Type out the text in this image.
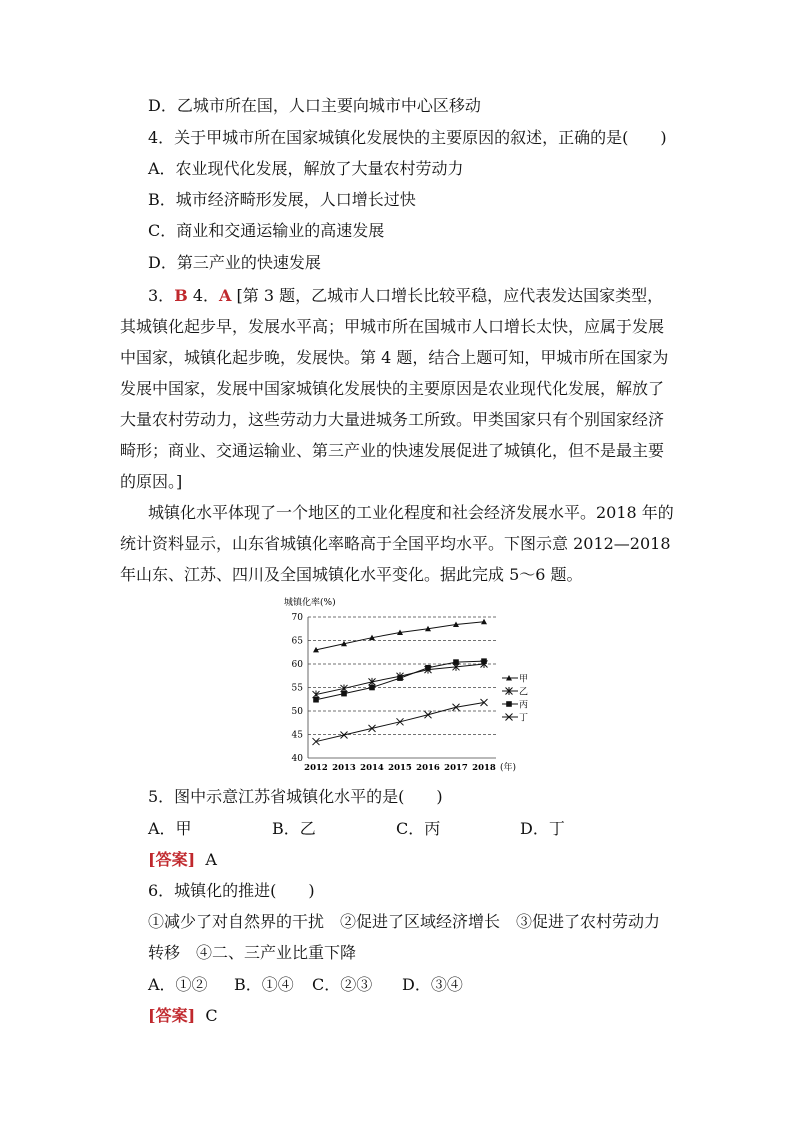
D．乙城市所在国，人口主要向城市中心区移动
4．关于甲城市所在国家城镇化发展快的主要原因的叙述，正确的是(　　)
A．农业现代化发展，解放了大量农村劳动力
B．城市经济畸形发展，人口增长过快
C．商业和交通运输业的高速发展
D．第三产业的快速发展
3．B 4．A [第 3 题，乙城市人口增长比较平稳，应代表发达国家类型，其城镇化起步早，发展水平高；甲城市所在国城市人口增长太快，应属于发展中国家，城镇化起步晚，发展快。第 4 题，结合上题可知，甲城市所在国家为发展中国家，发展中国家城镇化发展快的主要原因是农业现代化发展，解放了大量农村劳动力，这些劳动力大量进城务工所致。甲类国家只有个别国家经济畸形；商业、交通运输业、第三产业的快速发展促进了城镇化，但不是最主要的原因。]
城镇化水平体现了一个地区的工业化程度和社会经济发展水平。2018 年的统计资料显示，山东省城镇化率略高于全国平均水平。下图示意 2012—2018 年山东、江苏、四川及全国城镇化水平变化。据此完成 5～6 题。
城镇化率(%)
70
65
60
55
50
45
40
2012 2013 2014 2015 2016 2017 2018
甲
乙
丙
丁
(年)
5．图中示意江苏省城镇化水平的是(　　)
A．甲	B．乙	C．丙	D．丁
[答案] A
6．城镇化的推进(　　)
①减少了对自然界的干扰　②促进了区域经济增长　③促进了农村劳动力
转移　④二、三产业比重下降
A．①② B．①④ C．②③ D．③④
[答案] C
